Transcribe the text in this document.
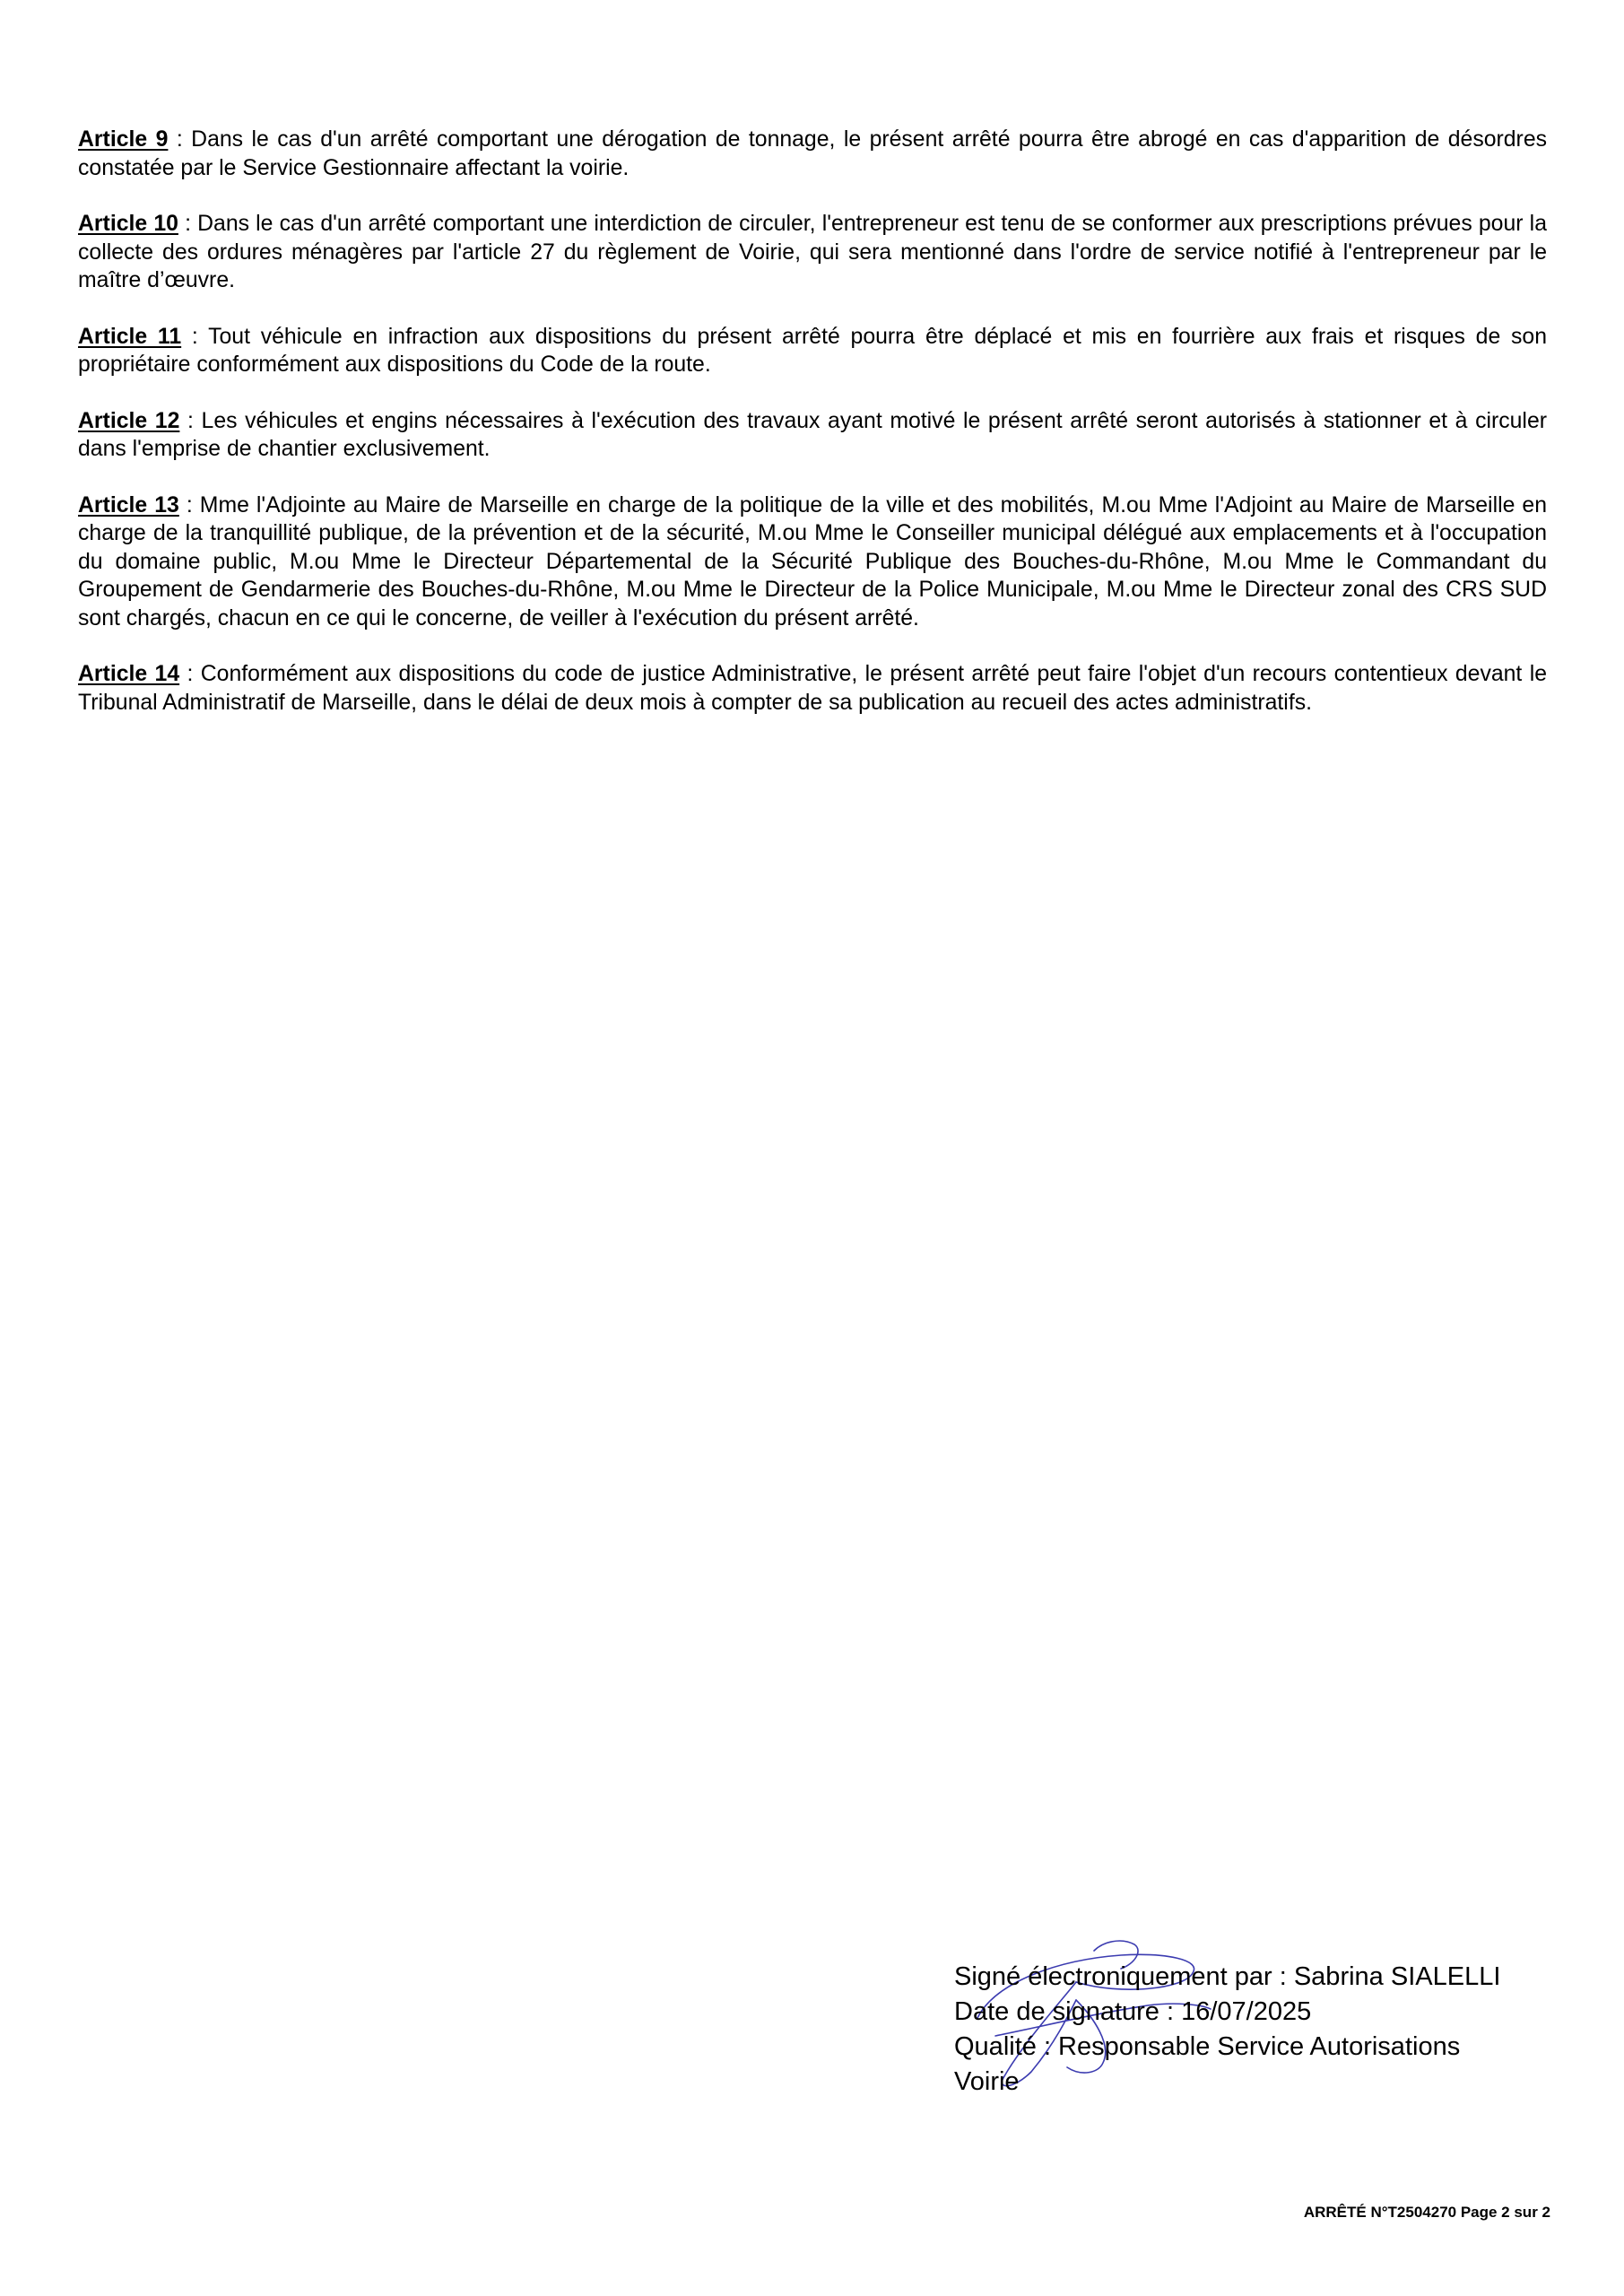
Article 9 : Dans le cas d'un arrêté comportant une dérogation de tonnage, le présent arrêté pourra être abrogé en cas d'apparition de désordres constatée par le Service Gestionnaire affectant la voirie.

Article 10 : Dans le cas d'un arrêté comportant une interdiction de circuler, l'entrepreneur est tenu de se conformer aux prescriptions prévues pour la collecte des ordures ménagères par l'article 27 du règlement de Voirie, qui sera mentionné dans l'ordre de service notifié à l'entrepreneur par le maître d’œuvre.

Article 11 : Tout véhicule en infraction aux dispositions du présent arrêté pourra être déplacé et mis en fourrière aux frais et risques de son propriétaire conformément aux dispositions du Code de la route.

Article 12 : Les véhicules et engins nécessaires à l'exécution des travaux ayant motivé le présent arrêté seront autorisés à stationner et à circuler dans l'emprise de chantier exclusivement.

Article 13 : Mme l'Adjointe au Maire de Marseille en charge de la politique de la ville et des mobilités, M.ou Mme l'Adjoint au Maire de Marseille en charge de la tranquillité publique, de la prévention et de la sécurité, M.ou Mme le Conseiller municipal délégué aux emplacements et à l'occupation du domaine public, M.ou Mme le Directeur Départemental de la Sécurité Publique des Bouches-du-Rhône, M.ou Mme le Commandant du Groupement de Gendarmerie des Bouches-du-Rhône, M.ou Mme le Directeur de la Police Municipale, M.ou Mme le Directeur zonal des CRS SUD sont chargés, chacun en ce qui le concerne, de veiller à l'exécution du présent arrêté.

Article 14 : Conformément aux dispositions du code de justice Administrative, le présent arrêté peut faire l'objet d'un recours contentieux devant le Tribunal Administratif de Marseille, dans le délai de deux mois à compter de sa publication au recueil des actes administratifs.

Signé électroniquement par : Sabrina SIALELLI
Date de signature : 16/07/2025
Qualité : Responsable Service Autorisations
Voirie
ARRÊTÉ N°T2504270 Page 2 sur 2
